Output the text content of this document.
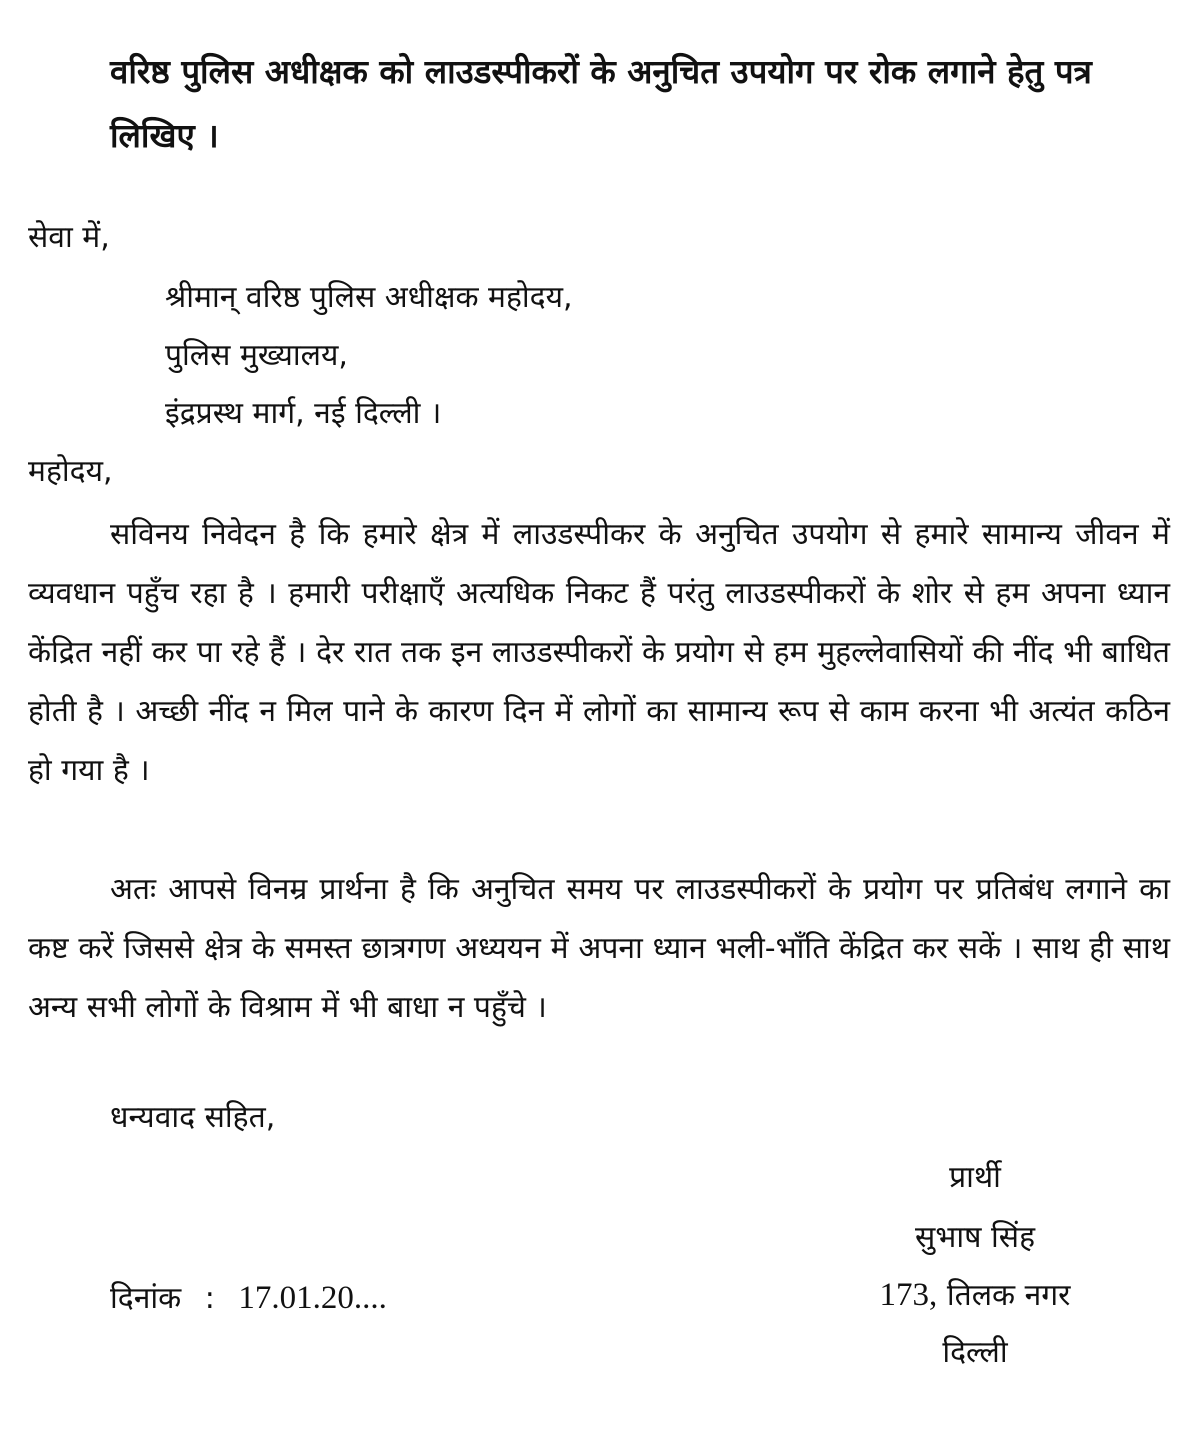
वरिष्ठ पुलिस अधीक्षक को लाउडस्पीकरों के अनुचित उपयोग पर रोक लगाने हेतु पत्र लिखिए ।

सेवा में,

श्रीमान् वरिष्ठ पुलिस अधीक्षक महोदय,

पुलिस मुख्यालय,

इंद्रप्रस्थ मार्ग, नई दिल्ली ।

महोदय,

सविनय निवेदन है कि हमारे क्षेत्र में लाउडस्पीकर के अनुचित उपयोग से हमारे सामान्य जीवन में व्यवधान पहुँच रहा है । हमारी परीक्षाएँ अत्यधिक निकट हैं परंतु लाउडस्पीकरों के शोर से हम अपना ध्यान केंद्रित नहीं कर पा रहे हैं । देर रात तक इन लाउडस्पीकरों के प्रयोग से हम मुहल्लेवासियों की नींद भी बाधित होती है । अच्छी नींद न मिल पाने के कारण दिन में लोगों का सामान्य रूप से काम करना भी अत्यंत कठिन हो गया है ।

अतः आपसे विनम्र प्रार्थना है कि अनुचित समय पर लाउडस्पीकरों के प्रयोग पर प्रतिबंध लगाने का कष्ट करें जिससे क्षेत्र के समस्त छात्रगण अध्ययन में अपना ध्यान भली-भाँति केंद्रित कर सकें । साथ ही साथ अन्य सभी लोगों के विश्राम में भी बाधा न पहुँचे ।

धन्यवाद सहित,

दिनांक : 17.01.20....

प्रार्थी

सुभाष सिंह

173, तिलक नगर

दिल्ली
